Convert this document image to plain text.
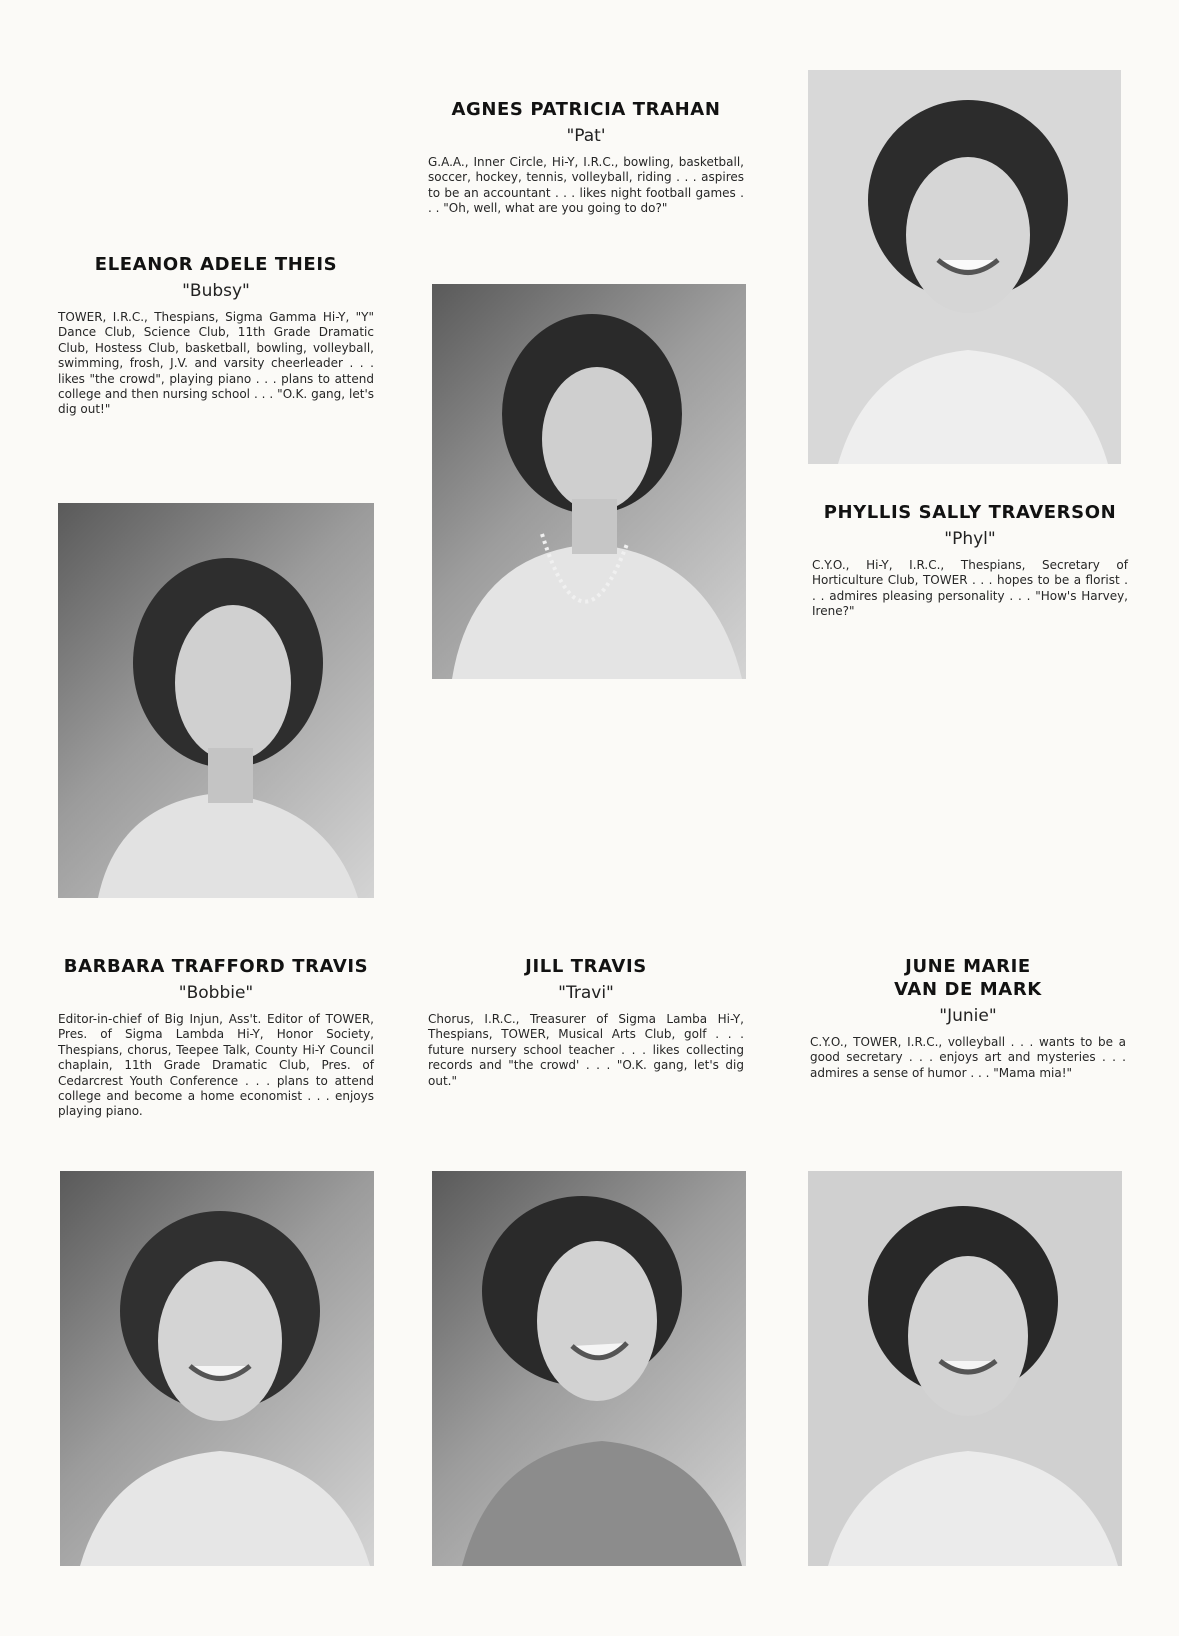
ELEANOR ADELE THEIS

"Bubsy"

TOWER, I.R.C., Thespians, Sigma Gamma Hi-Y, "Y" Dance Club, Science Club, 11th Grade Dramatic Club, Hostess Club, basketball, bowling, volleyball, swimming, frosh, J.V. and varsity cheerleader . . . likes "the crowd", playing piano . . . plans to attend college and then nursing school . . . "O.K. gang, let's dig out!"

AGNES PATRICIA TRAHAN

"Pat'

G.A.A., Inner Circle, Hi-Y, I.R.C., bowling, basketball, soccer, hockey, tennis, volleyball, riding . . . aspires to be an accountant . . . likes night football games . . . "Oh, well, what are you going to do?"

PHYLLIS SALLY TRAVERSON

"Phyl"

C.Y.O., Hi-Y, I.R.C., Thespians, Secretary of Horticulture Club, TOWER . . . hopes to be a florist . . . admires pleasing personality . . . "How's Harvey, Irene?"

BARBARA TRAFFORD TRAVIS

"Bobbie"

Editor-in-chief of Big Injun, Ass't. Editor of TOWER, Pres. of Sigma Lambda Hi-Y, Honor Society, Thespians, chorus, Teepee Talk, County Hi-Y Council chaplain, 11th Grade Dramatic Club, Pres. of Cedarcrest Youth Conference . . . plans to attend college and become a home economist . . . enjoys playing piano.

JILL TRAVIS

"Travi"

Chorus, I.R.C., Treasurer of Sigma Lamba Hi-Y, Thespians, TOWER, Musical Arts Club, golf . . . future nursery school teacher . . . likes collecting records and "the crowd' . . . "O.K. gang, let's dig out."

JUNE MARIE

VAN DE MARK

"Junie"

C.Y.O., TOWER, I.R.C., volleyball . . . wants to be a good secretary . . . enjoys art and mysteries . . . admires a sense of humor . . . "Mama mia!"
